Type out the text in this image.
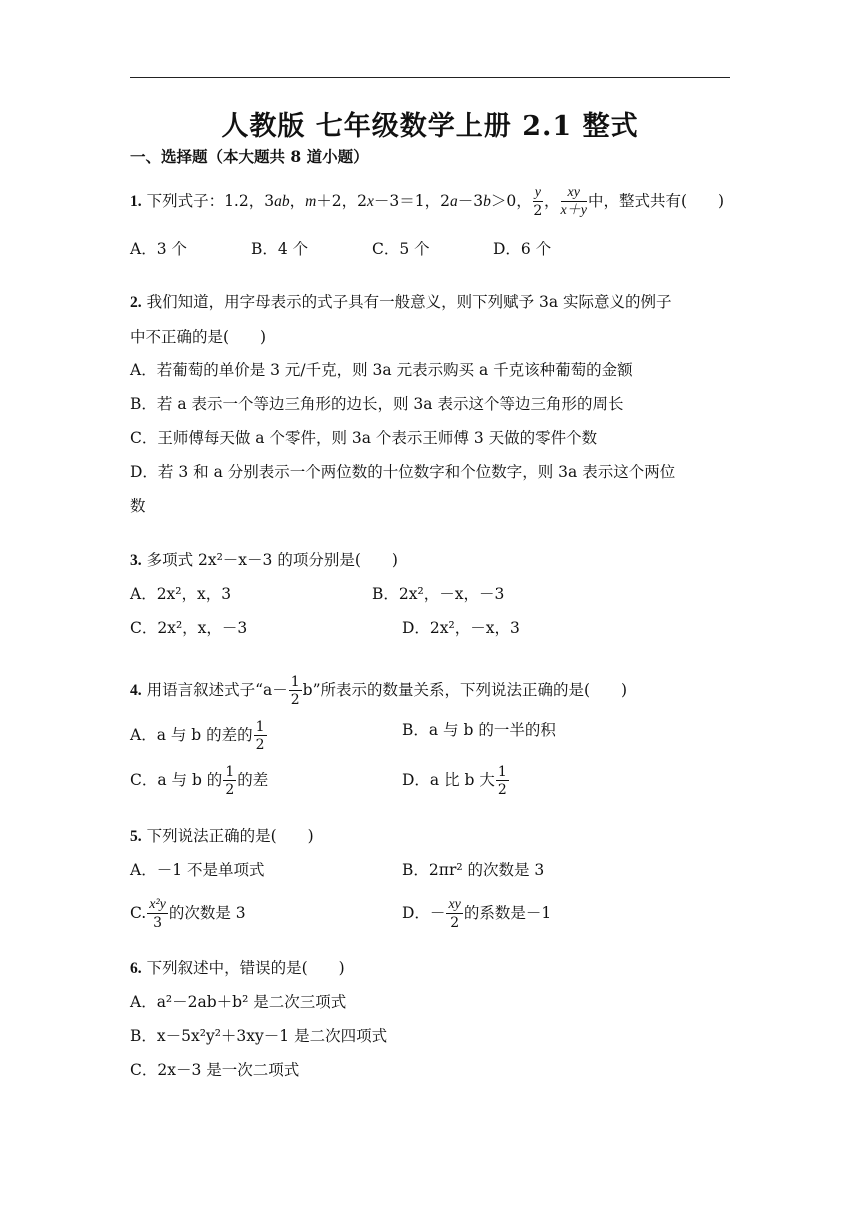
人教版 七年级数学上册 2.1 整式
一、选择题（本大题共 8 道小题）
1. 下列式子：1.2，3ab，m＋2，2x－3＝1，2a－3b＞0， $\frac{y}{2}$ ， $\frac{xy}{x+y}$ 中，整式共有(　　)
A．3 个	B．4 个	C．5 个	D．6 个
2. 我们知道，用字母表示的式子具有一般意义，则下列赋予 3a 实际意义的例子
中不正确的是(　　)
A．若葡萄的单价是 3 元/千克，则 3a 元表示购买 a 千克该种葡萄的金额
B．若 a 表示一个等边三角形的边长，则 3a 表示这个等边三角形的周长
C．王师傅每天做 a 个零件，则 3a 个表示王师傅 3 天做的零件个数
D．若 3 和 a 分别表示一个两位数的十位数字和个位数字，则 3a 表示这个两位
数
3. 多项式 2x²－x－3 的项分别是(　　)
A．2x²，x，3	B．2x²，－x，－3
C．2x²，x，－3	D．2x²，－x，3
4. 用语言叙述式子“$a- \frac{1}{2} b$”所表示的数量关系，下列说法正确的是(　　)
A．a 与 b 的差的 $\frac{1}{2}$	B．a 与 b 的一半的积
C．a 与 b 的 $\frac{1}{2}$ 的差	D．a 比 b 大 $\frac{1}{2}$
5. 下列说法正确的是(　　)
A．－1 不是单项式	B．2πr² 的次数是 3
C. $\frac{\text{x²y}}{3}$ 的次数是 3	D．－ $\frac{xy}{2}$ 的系数是－1
6. 下列叙述中，错误的是(　　)
A．a²－2ab＋b² 是二次三项式
B．x－5x²y²＋3xy－1 是二次四项式
C．2x－3 是一次二项式
